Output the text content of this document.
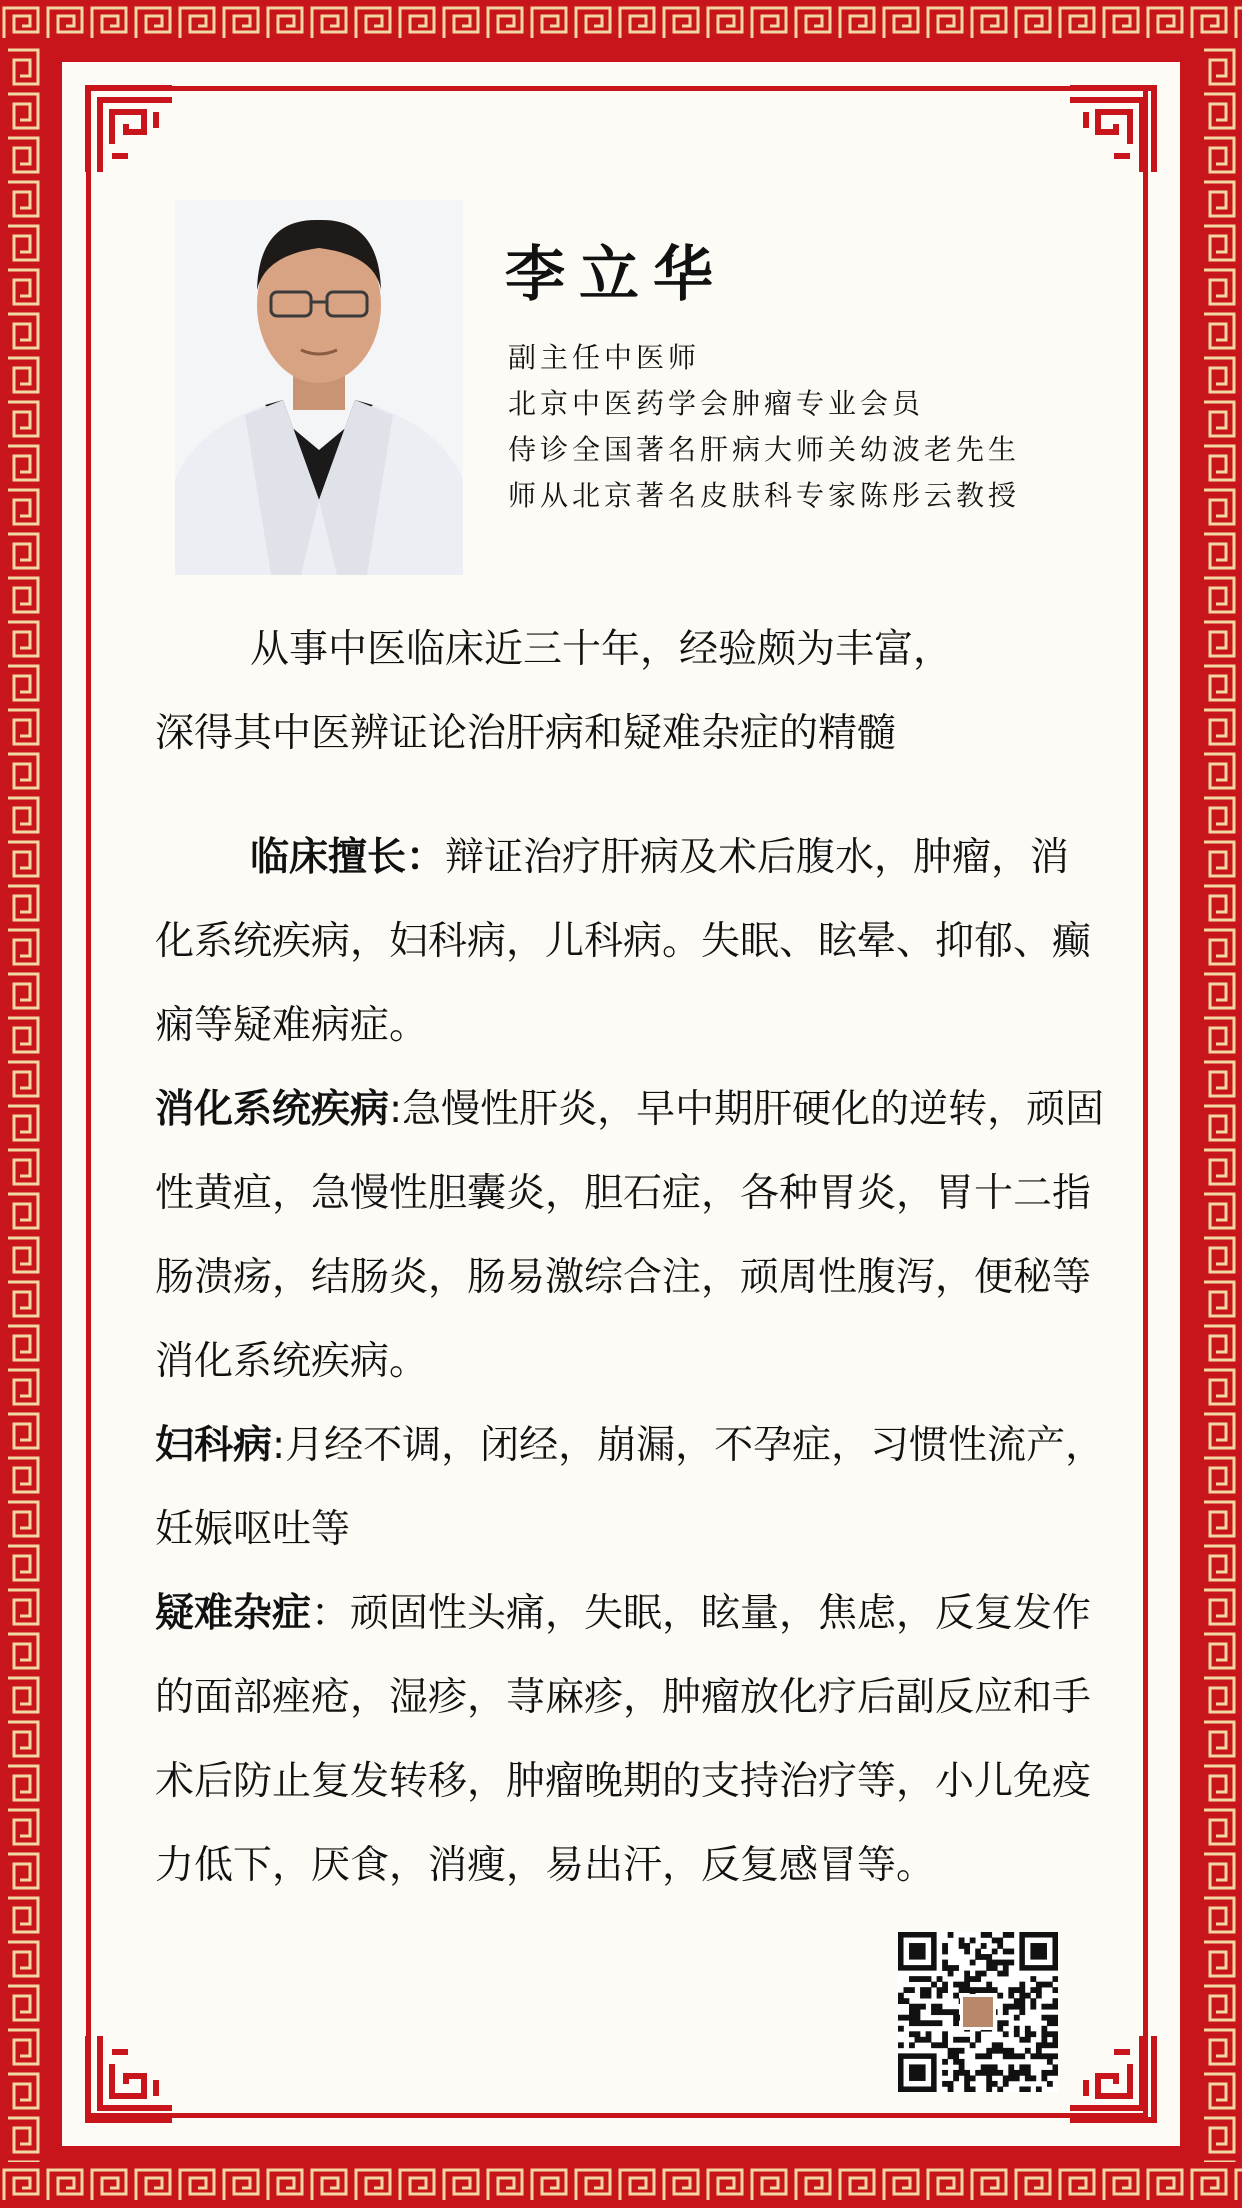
李立华
副主任中医师
北京中医药学会肿瘤专业会员
侍诊全国著名肝病大师关幼波老先生
师从北京著名皮肤科专家陈彤云教授

从事中医临床近三十年，经验颇为丰富，
深得其中医辨证论治肝病和疑难杂症的精髓

临床擅长：辩证治疗肝病及术后腹水，肿瘤，消化系统疾病，妇科病，儿科病。失眠、眩晕、抑郁、癫痫等疑难病症。

消化系统疾病:急慢性肝炎，早中期肝硬化的逆转，顽固性黄疸，急慢性胆囊炎，胆石症，各种胃炎，胃十二指肠溃疡，结肠炎，肠易激综合注，顽周性腹泻，便秘等消化系统疾病。

妇科病:月经不调，闭经，崩漏，不孕症，习惯性流产，妊娠呕吐等

疑难杂症：顽固性头痛，失眠，眩量，焦虑，反复发作的面部痤疮，湿疹，荨麻疹，肿瘤放化疗后副反应和手术后防止复发转移，肿瘤晚期的支持治疗等，小儿免疫力低下，厌食，消瘦，易出汗，反复感冒等。
